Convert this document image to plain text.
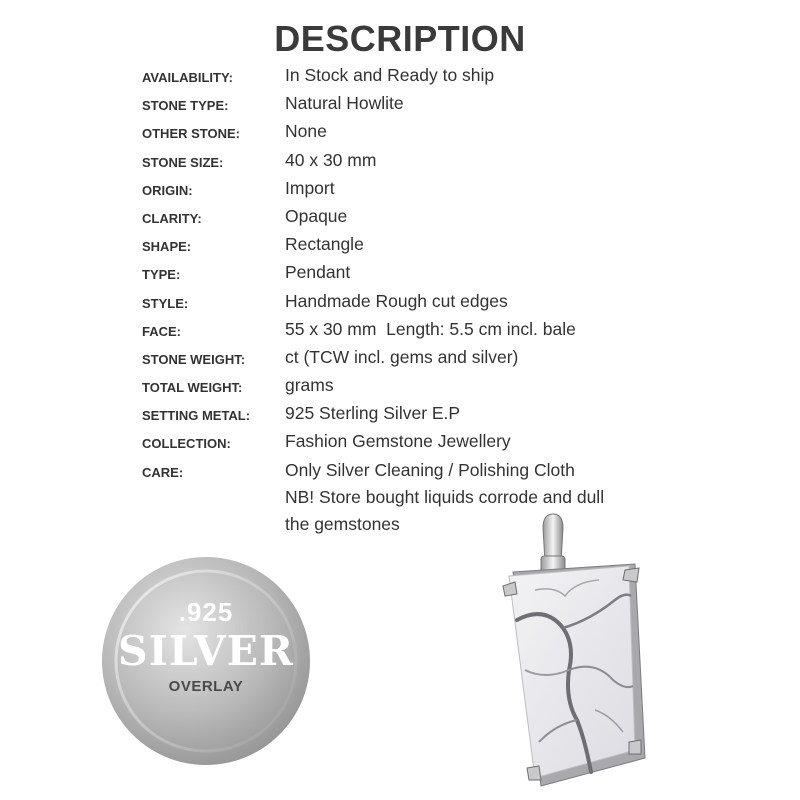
DESCRIPTION
AVAILABILITY:	In Stock and Ready to ship
STONE TYPE:	Natural Howlite
OTHER STONE:	None
STONE SIZE:	40 x 30 mm
ORIGIN:	Import
CLARITY:	Opaque
SHAPE:	Rectangle
TYPE:	Pendant
STYLE:	Handmade Rough cut edges
FACE:	55 x 30 mm  Length: 5.5 cm incl. bale
STONE WEIGHT: ct (TCW incl. gems and silver)
TOTAL WEIGHT: grams
SETTING METAL: 925 Sterling Silver E.P
COLLECTION:	Fashion Gemstone Jewellery
CARE:	Only Silver Cleaning / Polishing Cloth
NB! Store bought liquids corrode and dull
the gemstones
.925
SILVER
OVERLAY
